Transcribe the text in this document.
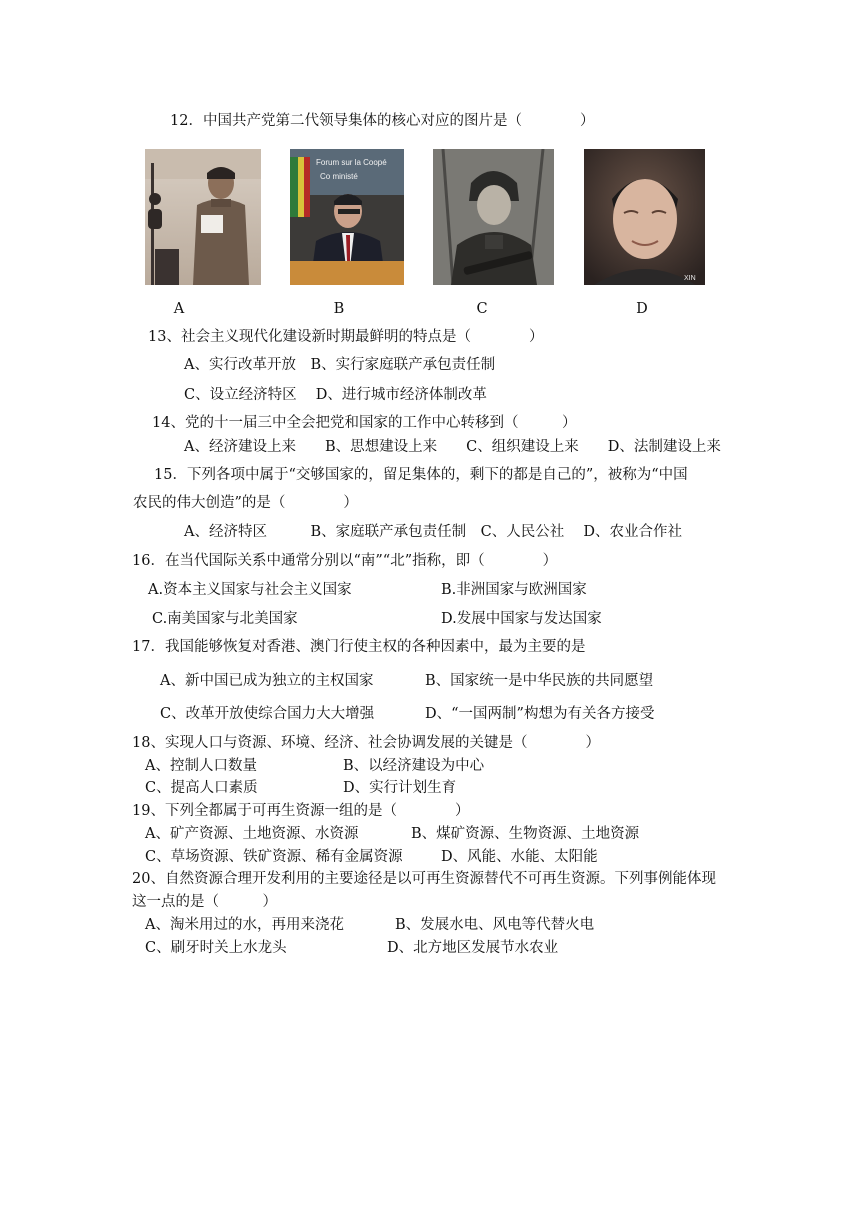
12．中国共产党第二代领导集体的核心对应的图片是（　　　　）
Forum sur la Coopé
Co ministé
XIN
A	B	C	D
13、社会主义现代化建设新时期最鲜明的特点是（　　　　）
A、实行改革开放　B、实行家庭联产承包责任制
C、设立经济特区　 D、进行城市经济体制改革
14、党的十一届三中全会把党和国家的工作中心转移到（　　　）
A、经济建设上来　　B、思想建设上来　　C、组织建设上来　　D、法制建设上来
15．下列各项中属于“交够国家的，留足集体的，剩下的都是自己的”，被称为“中国
农民的伟大创造”的是（　　　　）
A、经济特区　　　B、家庭联产承包责任制　C、人民公社　 D、农业合作社
16．在当代国际关系中通常分别以“南”“北”指称，即（　　　　）
A.资本主义国家与社会主义国家	B.非洲国家与欧洲国家
C.南美国家与北美国家	D.发展中国家与发达国家
17．我国能够恢复对香港、澳门行使主权的各种因素中，最为主要的是
A、新中国已成为独立的主权国家	B、国家统一是中华民族的共同愿望
C、改革开放使综合国力大大增强	D、“一国两制”构想为有关各方接受
18、实现人口与资源、环境、经济、社会协调发展的关键是（　　　　）
A、控制人口数量	B、以经济建设为中心
C、提高人口素质	D、实行计划生育
19、下列全都属于可再生资源一组的是（　　　　）
A、矿产资源、土地资源、水资源	B、煤矿资源、生物资源、土地资源
C、草场资源、铁矿资源、稀有金属资源	D、风能、水能、太阳能
20、自然资源合理开发利用的主要途径是以可再生资源替代不可再生资源。下列事例能体现
这一点的是（　　　）
A、淘米用过的水，再用来浇花	B、发展水电、风电等代替火电
C、刷牙时关上水龙头	D、北方地区发展节水农业
